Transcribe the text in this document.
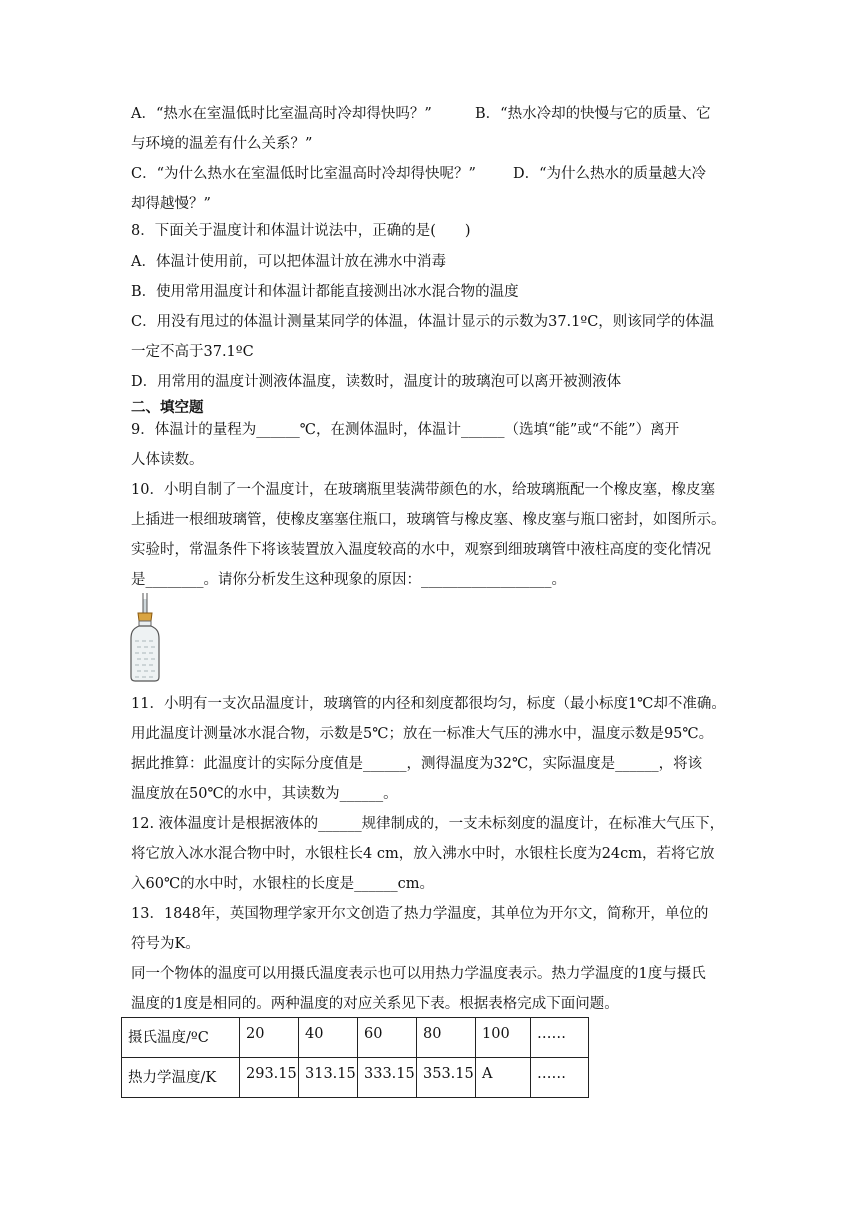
A．“热水在室温低时比室温高时冷却得快吗？”	B．“热水冷却的快慢与它的质量、它
与环境的温差有什么关系？”
C．“为什么热水在室温低时比室温高时冷却得快呢？”	D．“为什么热水的质量越大冷
却得越慢？”
8．下面关于温度计和体温计说法中，正确的是(　　)
A．体温计使用前，可以把体温计放在沸水中消毒
B．使用常用温度计和体温计都能直接测出冰水混合物的温度
C．用没有甩过的体温计测量某同学的体温，体温计显示的示数为37.1ºC，则该同学的体温
一定不高于37.1ºC
D．用常用的温度计测液体温度，读数时，温度计的玻璃泡可以离开被测液体
二、填空题
9．体温计的量程为______℃，在测体温时，体温计______（选填“能”或“不能”）离开
人体读数。
10．小明自制了一个温度计，在玻璃瓶里装满带颜色的水，给玻璃瓶配一个橡皮塞，橡皮塞
上插进一根细玻璃管，使橡皮塞塞住瓶口，玻璃管与橡皮塞、橡皮塞与瓶口密封，如图所示。
实验时，常温条件下将该装置放入温度较高的水中，观察到细玻璃管中液柱高度的变化情况
是________。请你分析发生这种现象的原因：__________________。
11．小明有一支次品温度计，玻璃管的内径和刻度都很均匀，标度（最小标度1℃却不准确。
用此温度计测量冰水混合物，示数是5℃；放在一标准大气压的沸水中，温度示数是95℃。
据此推算：此温度计的实际分度值是______，测得温度为32℃，实际温度是______，将该
温度放在50℃的水中，其读数为______。
12. 液体温度计是根据液体的______规律制成的，一支未标刻度的温度计，在标准大气压下，
将它放入冰水混合物中时，水银柱长4 cm，放入沸水中时，水银柱长度为24cm，若将它放
入60℃的水中时，水银柱的长度是______cm。
13．1848年，英国物理学家开尔文创造了热力学温度，其单位为开尔文，简称开，单位的
符号为K。
同一个物体的温度可以用摄氏温度表示也可以用热力学温度表示。热力学温度的1度与摄氏
温度的1度是相同的。两种温度的对应关系见下表。根据表格完成下面问题。
摄氏温度/ºC	20	40	60	80	100	……
热力学温度/K	293.15	313.15	333.15	353.15	A	……
